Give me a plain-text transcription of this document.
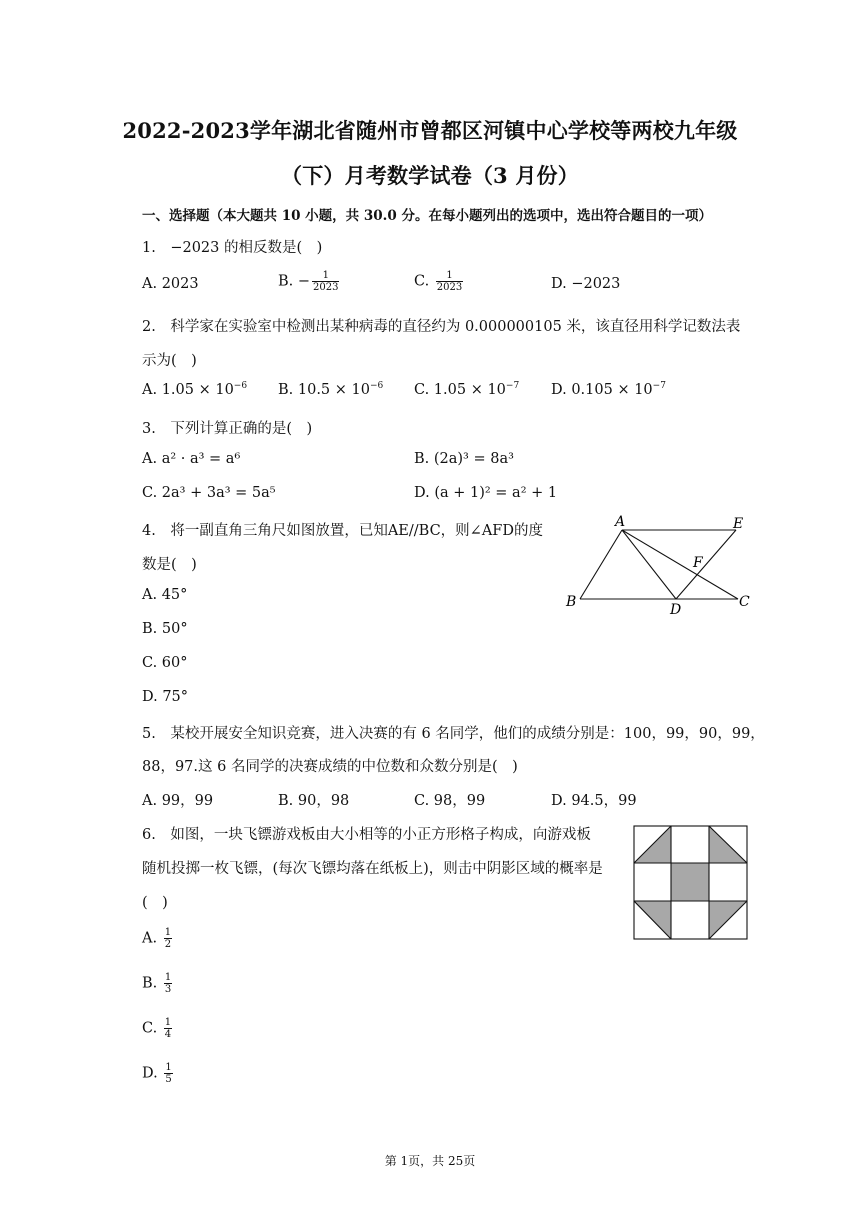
2022-2023学年湖北省随州市曾都区河镇中心学校等两校九年级
（下）月考数学试卷（3 月份）
一、选择题（本大题共 10 小题，共 30.0 分。在每小题列出的选项中，选出符合题目的一项）
1.　−2023 的相反数是(　)
A. 2023	B. − $\frac{1}{2023}$	C. $\frac{1}{2023}$	D. −2023
2.　科学家在实验室中检测出某种病毒的直径约为 0.000000105 米，该直径用科学记数法表
示为(　)
A. $1.05 \times 10^{-6}$ B. $10.5 \times 10^{-6}$ C. $1.05 \times 10^{-7}$ D. $0.105 \times 10^{-7}$
3.　下列计算正确的是(　)
A. a² · a³ = a⁶	B. (2a)³ = 8a³
C. 2a³ + 3a³ = 5a⁵	D. (a + 1)² = a² + 1
4.　将一副直角三角尺如图放置，已知AE//BC，则∠AFD的度
数是(　)
A. 45°
B. 50°
C. 60°
D. 75°
A	E
F
B	D	C
5.　某校开展安全知识竞赛，进入决赛的有 6 名同学，他们的成绩分别是：100，99，90，99，
88，97.这 6 名同学的决赛成绩的中位数和众数分别是(　)
A. 99，99	B. 90，98	C. 98，99	D. 94.5，99
6.　如图，一块飞镖游戏板由大小相等的小正方形格子构成，向游戏板
随机投掷一枚飞镖，(每次飞镖均落在纸板上)，则击中阴影区域的概率是
(　)
A. $\frac{1}{2}$
B. $\frac{1}{3}$
C. $\frac{1}{4}$
D. $\frac{1}{5}$
第 1页，共 25页
